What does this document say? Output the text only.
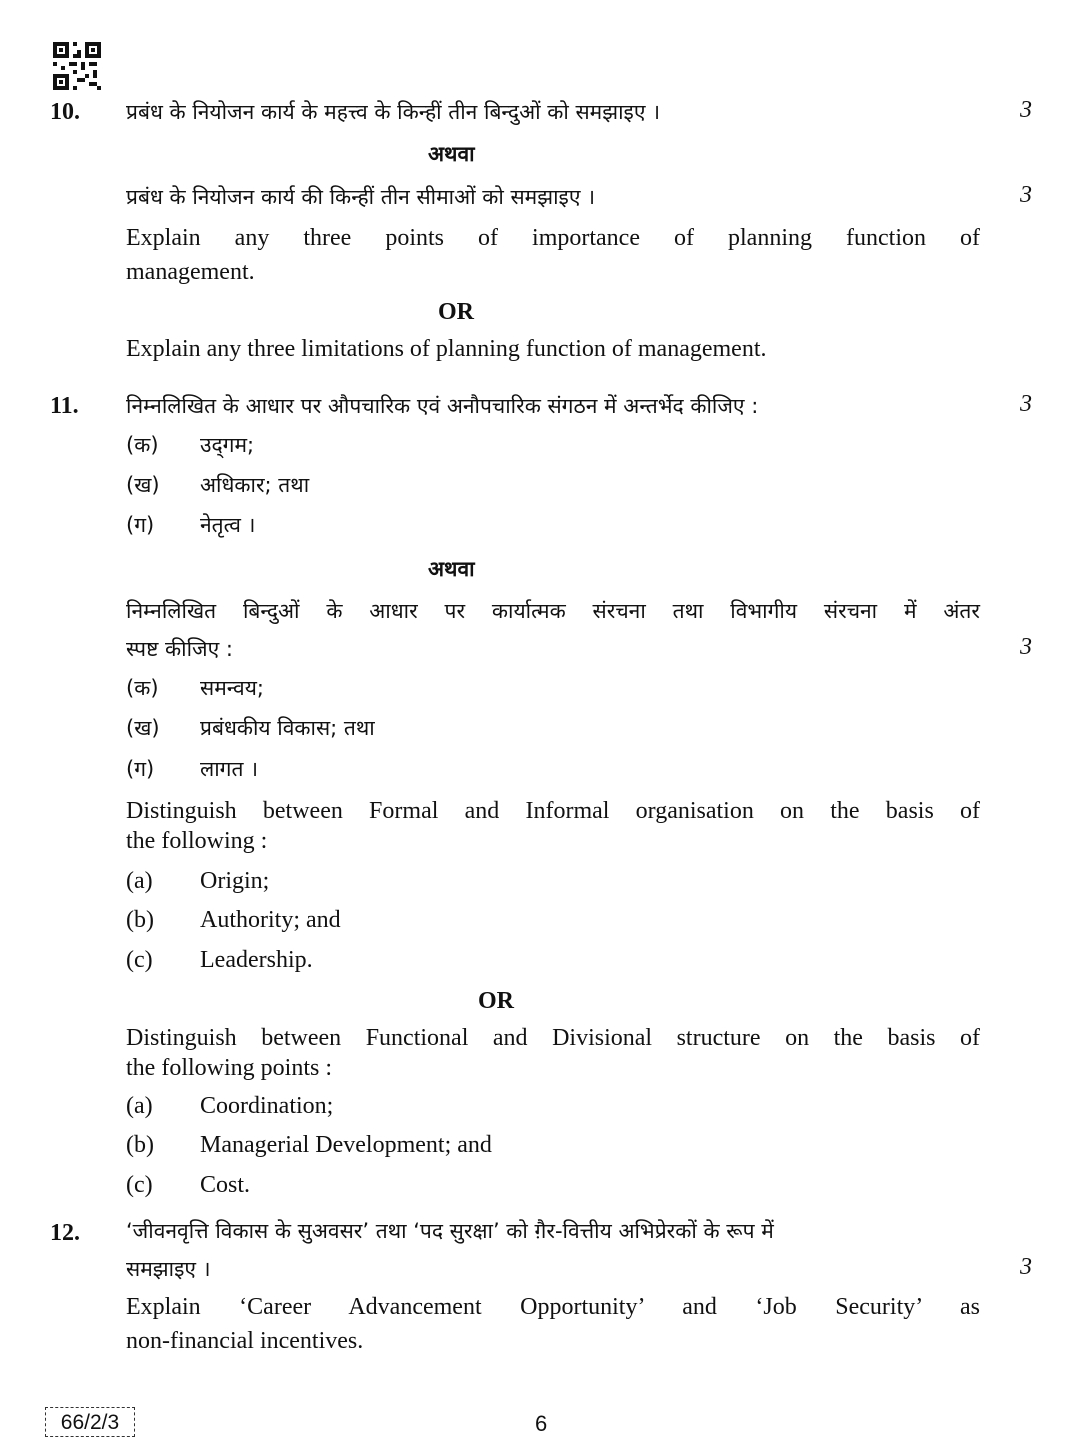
10. प्रबंध के नियोजन कार्य के महत्त्व के किन्हीं तीन बिन्दुओं को समझाइए ।	3
अथवा
प्रबंध के नियोजन कार्य की किन्हीं तीन सीमाओं को समझाइए ।	3
Explain any three points of importance of planning function of
management.
OR
Explain any three limitations of planning function of management.
11. निम्नलिखित के आधार पर औपचारिक एवं अनौपचारिक संगठन में अन्तर्भेद कीजिए :	3
(क) उद्‌गम;
(ख) अधिकार; तथा
(ग) नेतृत्व ।
अथवा
निम्नलिखित बिन्दुओं के आधार पर कार्यात्मक संरचना तथा विभागीय संरचना में अंतर
स्पष्ट कीजिए :	3
(क) समन्वय;
(ख) प्रबंधकीय विकास; तथा
(ग) लागत ।
Distinguish between Formal and Informal organisation on the basis of
the following :
(a) Origin;
(b) Authority; and
(c) Leadership.
OR
Distinguish between Functional and Divisional structure on the basis of
the following points :
(a) Coordination;
(b) Managerial Development; and
(c) Cost.
12. ‘जीवनवृत्ति विकास के सुअवसर’ तथा ‘पद सुरक्षा’ को ग़ैर-वित्तीय अभिप्रेरकों के रूप में
समझाइए ।	3
Explain ‘Career Advancement Opportunity’ and ‘Job Security’ as
non-financial incentives.
66/2/3	6
